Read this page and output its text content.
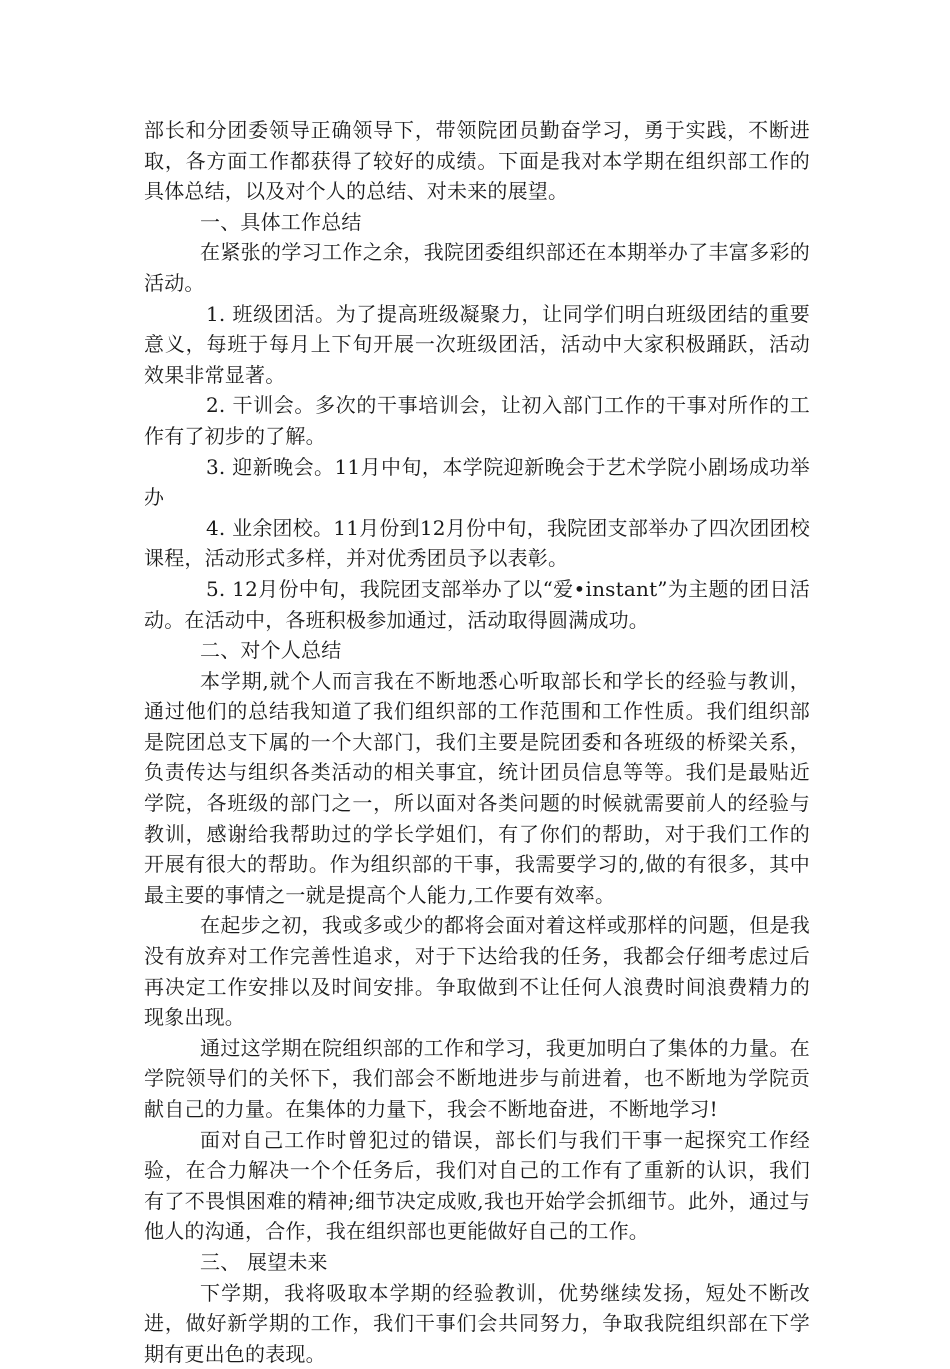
部长和分团委领导正确领导下，带领院团员勤奋学习，勇于实践，不断进取，各方面工作都获得了较好的成绩。下面是我对本学期在组织部工作的具体总结，以及对个人的总结、对未来的展望。

一、具体工作总结

在紧张的学习工作之余，我院团委组织部还在本期举办了丰富多彩的活动。

1. 班级团活。为了提高班级凝聚力，让同学们明白班级团结的重要意义，每班于每月上下旬开展一次班级团活，活动中大家积极踊跃，活动效果非常显著。

2. 干训会。多次的干事培训会，让初入部门工作的干事对所作的工作有了初步的了解。

3. 迎新晚会。11月中旬，本学院迎新晚会于艺术学院小剧场成功举办

4. 业余团校。11月份到12月份中旬，我院团支部举办了四次团团校课程，活动形式多样，并对优秀团员予以表彰。

5. 12月份中旬，我院团支部举办了以“爱•instant”为主题的团日活动。在活动中，各班积极参加通过，活动取得圆满成功。

二、对个人总结

本学期,就个人而言我在不断地悉心听取部长和学长的经验与教训，通过他们的总结我知道了我们组织部的工作范围和工作性质。我们组织部是院团总支下属的一个大部门，我们主要是院团委和各班级的桥梁关系，负责传达与组织各类活动的相关事宜，统计团员信息等等。我们是最贴近学院，各班级的部门之一，所以面对各类问题的时候就需要前人的经验与教训，感谢给我帮助过的学长学姐们，有了你们的帮助，对于我们工作的开展有很大的帮助。作为组织部的干事，我需要学习的,做的有很多，其中最主要的事情之一就是提高个人能力,工作要有效率。

在起步之初，我或多或少的都将会面对着这样或那样的问题，但是我没有放弃对工作完善性追求，对于下达给我的任务，我都会仔细考虑过后再决定工作安排以及时间安排。争取做到不让任何人浪费时间浪费精力的现象出现。

通过这学期在院组织部的工作和学习，我更加明白了集体的力量。在学院领导们的关怀下，我们部会不断地进步与前进着，也不断地为学院贡献自己的力量。在集体的力量下，我会不断地奋进，不断地学习!

面对自己工作时曾犯过的错误，部长们与我们干事一起探究工作经验，在合力解决一个个任务后，我们对自己的工作有了重新的认识，我们有了不畏惧困难的精神;细节决定成败,我也开始学会抓细节。此外，通过与他人的沟通，合作，我在组织部也更能做好自己的工作。

三、 展望未来

下学期，我将吸取本学期的经验教训，优势继续发扬，短处不断改进，做好新学期的工作，我们干事们会共同努力，争取我院组织部在下学期有更出色的表现。
